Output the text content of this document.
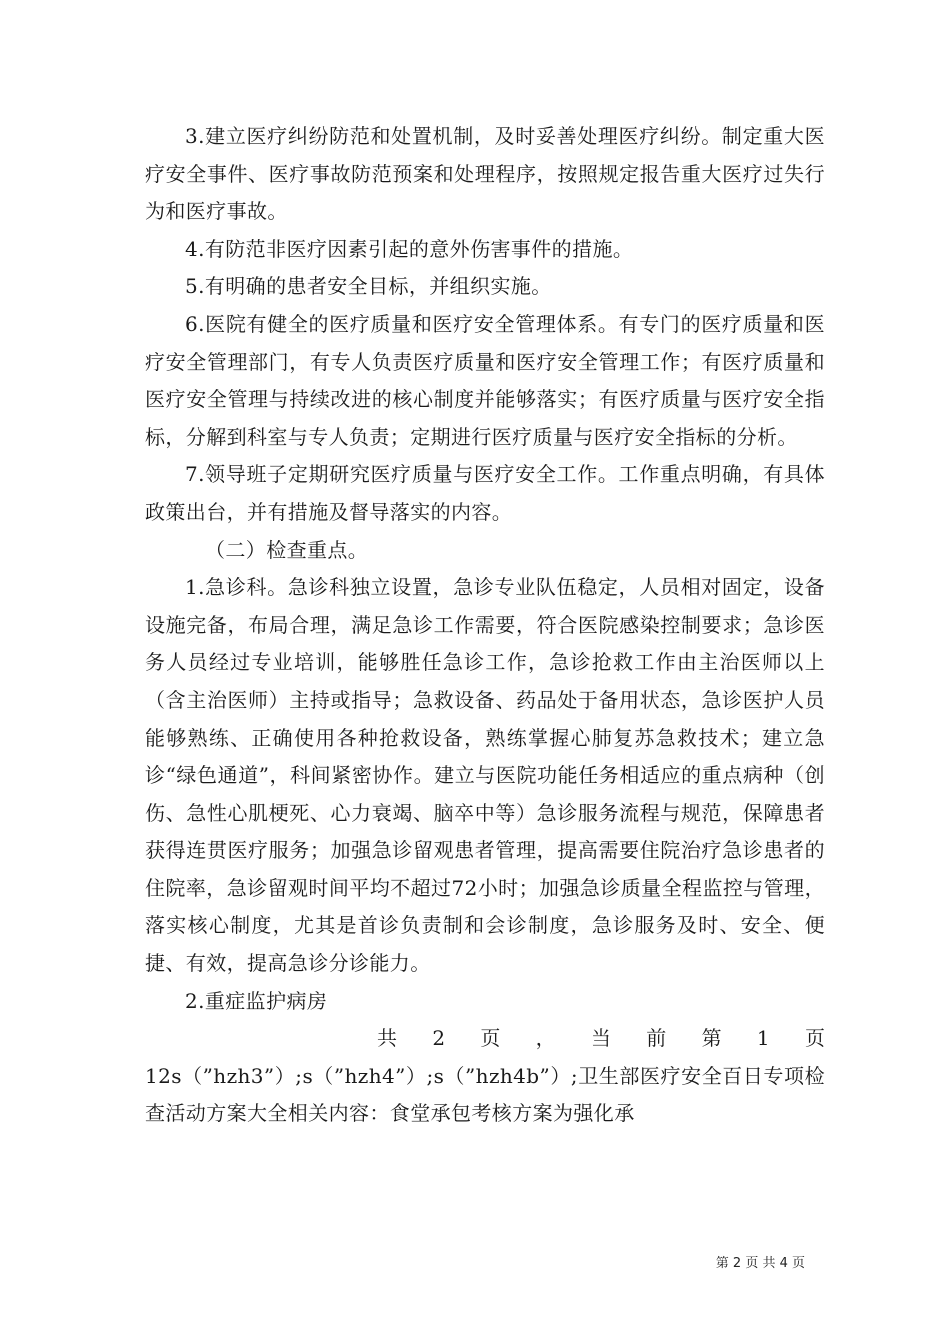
3.建立医疗纠纷防范和处置机制，及时妥善处理医疗纠纷。制定重大医疗安全事件、医疗事故防范预案和处理程序，按照规定报告重大医疗过失行为和医疗事故。

4.有防范非医疗因素引起的意外伤害事件的措施。

5.有明确的患者安全目标，并组织实施。

6.医院有健全的医疗质量和医疗安全管理体系。有专门的医疗质量和医疗安全管理部门，有专人负责医疗质量和医疗安全管理工作；有医疗质量和医疗安全管理与持续改进的核心制度并能够落实；有医疗质量与医疗安全指标，分解到科室与专人负责；定期进行医疗质量与医疗安全指标的分析。

7.领导班子定期研究医疗质量与医疗安全工作。工作重点明确，有具体政策出台，并有措施及督导落实的内容。

（二）检查重点。

1.急诊科。急诊科独立设置，急诊专业队伍稳定，人员相对固定，设备设施完备，布局合理，满足急诊工作需要，符合医院感染控制要求；急诊医务人员经过专业培训，能够胜任急诊工作，急诊抢救工作由主治医师以上（含主治医师）主持或指导；急救设备、药品处于备用状态，急诊医护人员能够熟练、正确使用各种抢救设备，熟练掌握心肺复苏急救技术；建立急诊“绿色通道”，科间紧密协作。建立与医院功能任务相适应的重点病种（创伤、急性心肌梗死、心力衰竭、脑卒中等）急诊服务流程与规范，保障患者获得连贯医疗服务；加强急诊留观患者管理，提高需要住院治疗急诊患者的住院率，急诊留观时间平均不超过72小时；加强急诊质量全程监控与管理，落实核心制度，尤其是首诊负责制和会诊制度，急诊服务及时、安全、便捷、有效，提高急诊分诊能力。

2.重症监护病房

共 2 页 ， 当 前 第 1 页

12s（”hzh3”）;s（”hzh4”）;s（”hzh4b”）;卫生部医疗安全百日专项检查活动方案大全相关内容：食堂承包考核方案为强化承

第 2 页 共 4 页
